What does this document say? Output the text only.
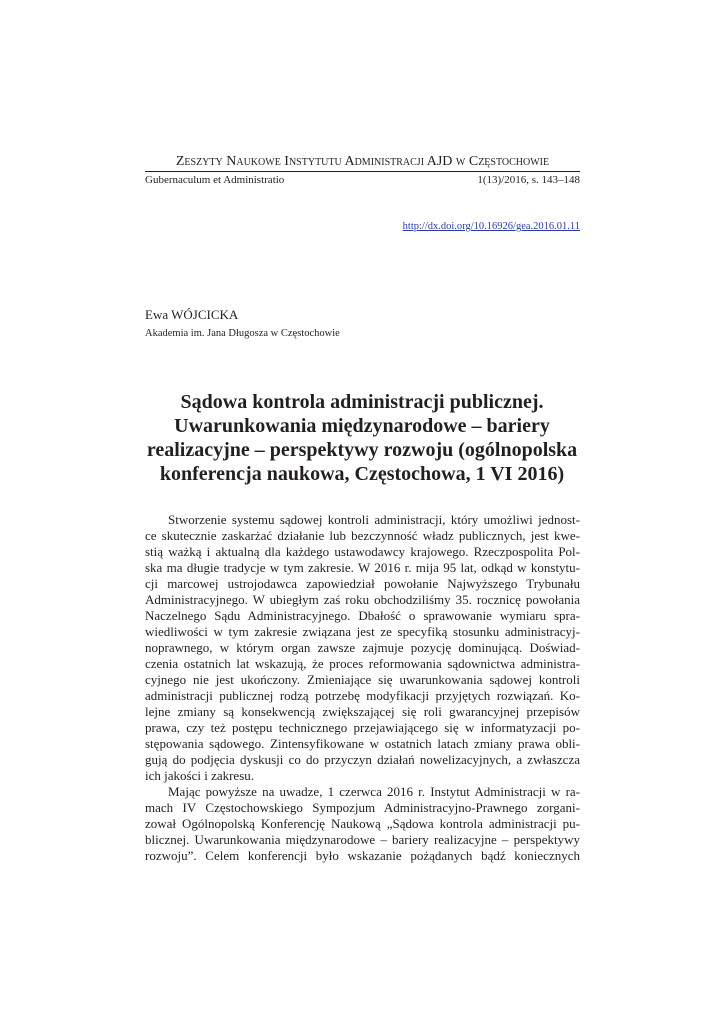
Zeszyty Naukowe Instytutu Administracji AJD w Częstochowie
Gubernaculum et Administratio	1(13)/2016, s. 143–148
http://dx.doi.org/10.16926/gea.2016.01.11
Ewa WÓJCICKA
Akademia im. Jana Długosza w Częstochowie
Sądowa kontrola administracji publicznej.
Uwarunkowania międzynarodowe – bariery
realizacyjne – perspektywy rozwoju (ogólnopolska
konferencja naukowa, Częstochowa, 1 VI 2016)
Stworzenie systemu sądowej kontroli administracji, który umożliwi jednost-
ce skutecznie zaskarżać działanie lub bezczynność władz publicznych, jest kwe-
stią ważką i aktualną dla każdego ustawodawcy krajowego. Rzeczpospolita Pol-
ska ma długie tradycje w tym zakresie. W 2016 r. mija 95 lat, odkąd w konstytu-
cji marcowej ustrojodawca zapowiedział powołanie Najwyższego Trybunału
Administracyjnego. W ubiegłym zaś roku obchodziliśmy 35. rocznicę powołania
Naczelnego Sądu Administracyjnego. Dbałość o sprawowanie wymiaru spra-
wiedliwości w tym zakresie związana jest ze specyfiką stosunku administracyj-
noprawnego, w którym organ zawsze zajmuje pozycję dominującą. Doświad-
czenia ostatnich lat wskazują, że proces reformowania sądownictwa administra-
cyjnego nie jest ukończony. Zmieniające się uwarunkowania sądowej kontroli
administracji publicznej rodzą potrzebę modyfikacji przyjętych rozwiązań. Ko-
lejne zmiany są konsekwencją zwiększającej się roli gwarancyjnej przepisów
prawa, czy też postępu technicznego przejawiającego się w informatyzacji po-
stępowania sądowego. Zintensyfikowane w ostatnich latach zmiany prawa obli-
gują do podjęcia dyskusji co do przyczyn działań nowelizacyjnych, a zwłaszcza
ich jakości i zakresu.
Mając powyższe na uwadze, 1 czerwca 2016 r. Instytut Administracji w ra-
mach IV Częstochowskiego Sympozjum Administracyjno-Prawnego zorgani-
zował Ogólnopolską Konferencję Naukową „Sądowa kontrola administracji pu-
blicznej. Uwarunkowania międzynarodowe – bariery realizacyjne – perspektywy
rozwoju”. Celem konferencji było wskazanie pożądanych bądź koniecznych
